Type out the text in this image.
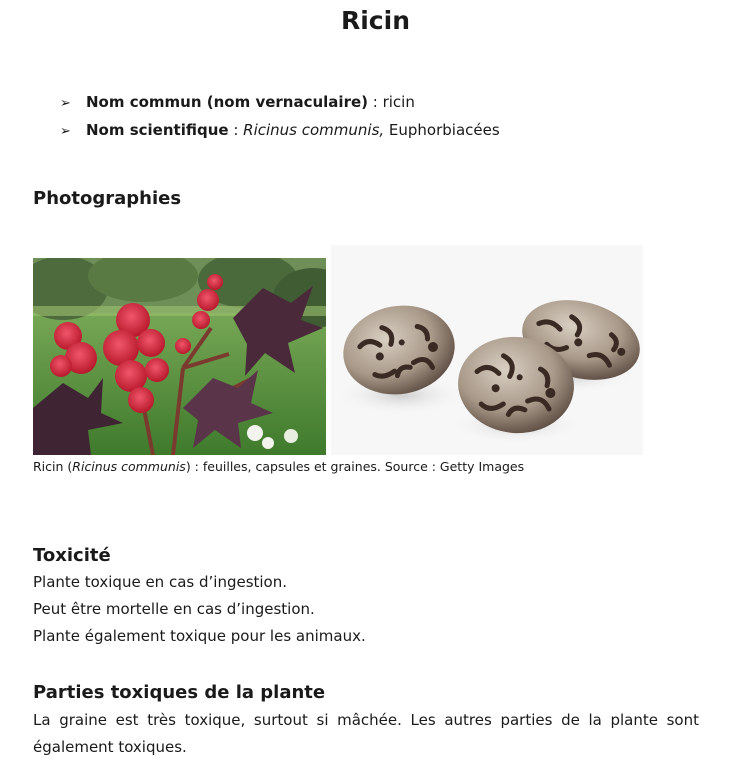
Ricin
➢ Nom commun (nom vernaculaire) : ricin
➢ Nom scientifique : Ricinus communis, Euphorbiacées
Photographies
Ricin (Ricinus communis) : feuilles, capsules et graines. Source : Getty Images
Toxicité
Plante toxique en cas d’ingestion.
Peut être mortelle en cas d’ingestion.
Plante également toxique pour les animaux.
Parties toxiques de la plante
La graine est très toxique, surtout si mâchée. Les autres parties de la plante sont également toxiques.
